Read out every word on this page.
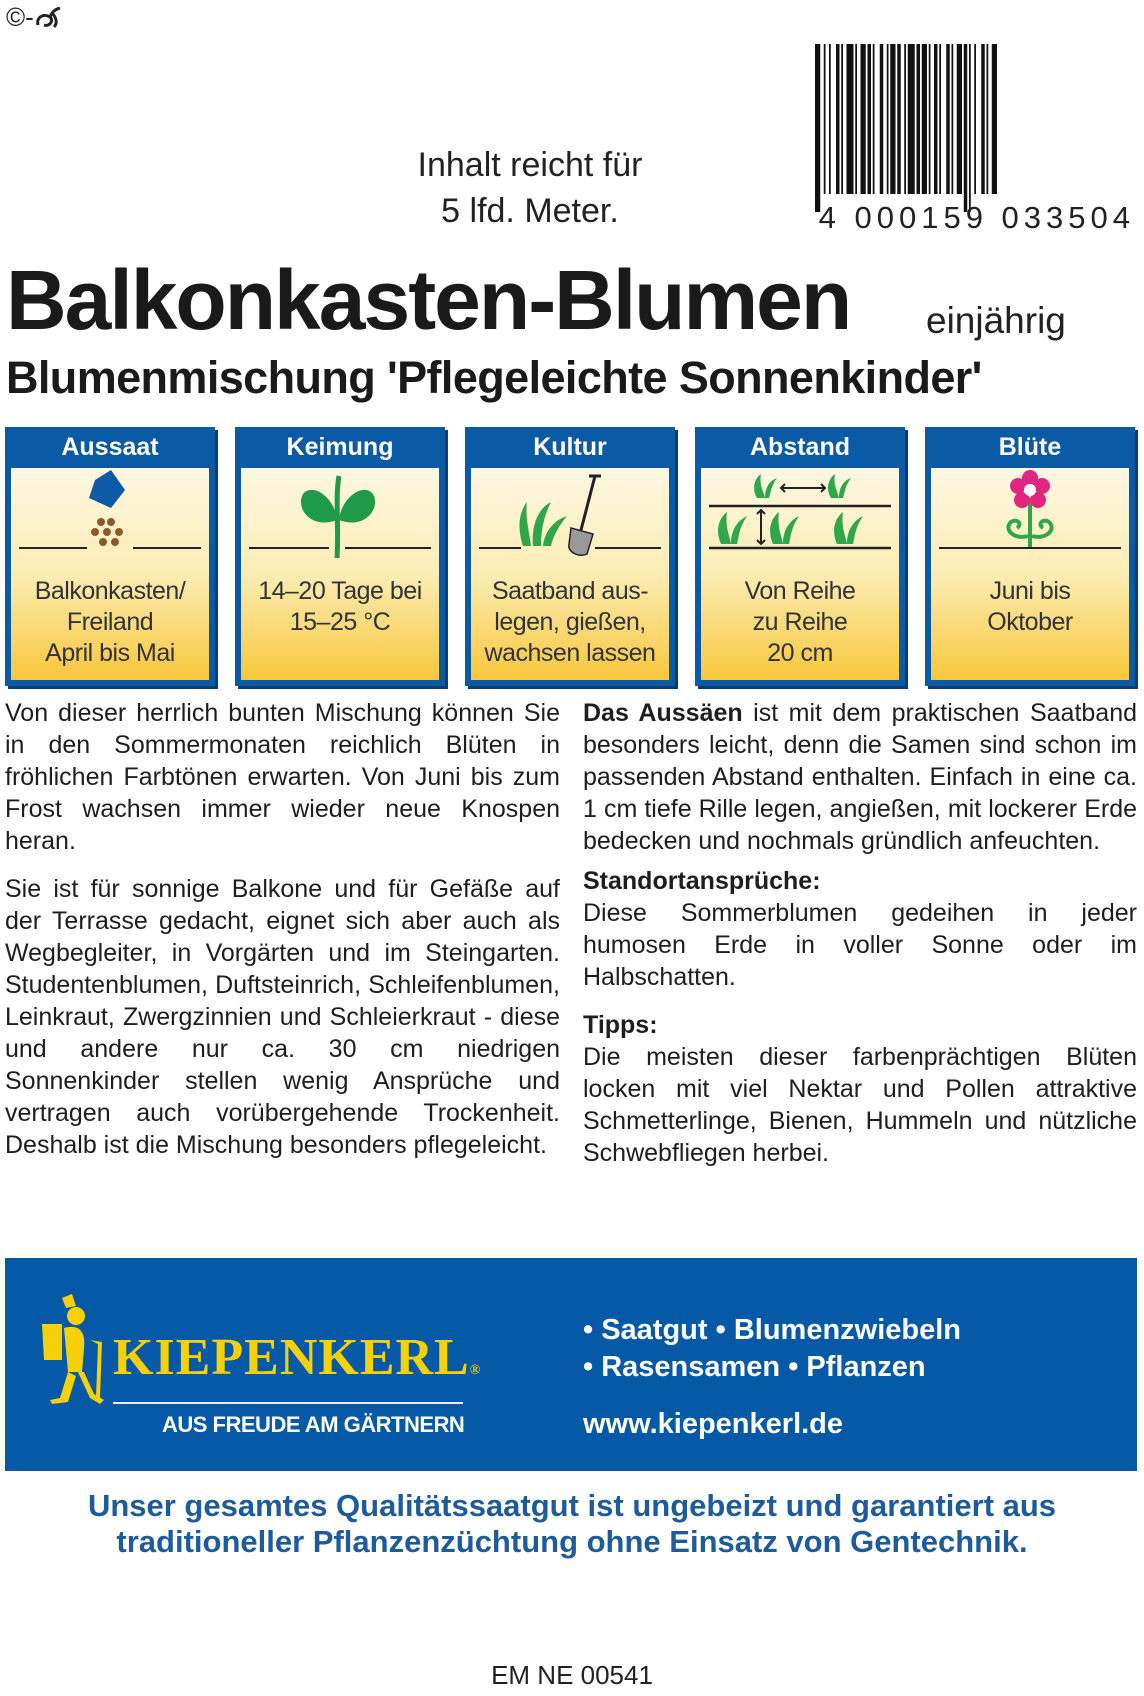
©-
Inhalt reicht für
5 lfd. Meter.	4 000159 033504
Balkonkasten-Blumen einjährig
Blumenmischung 'Pflegeleichte Sonnenkinder'
Aussaat
Balkonkasten/
Freiland
April bis Mai
Keimung
14–20 Tage bei
15–25 °C
Kultur
Saatband aus-
legen, gießen,
wachsen lassen
Abstand
Von Reihe
zu Reihe
20 cm
Blüte
Juni bis
Oktober

Von dieser herrlich bunten Mischung können Sie in den Sommermonaten reichlich Blüten in fröhlichen Farbtönen erwarten. Von Juni bis zum Frost wachsen immer wieder neue Knospen heran.

Sie ist für sonnige Balkone und für Gefäße auf der Terrasse gedacht, eignet sich aber auch als Wegbegleiter, in Vorgärten und im Steingarten. Studentenblumen, Duftsteinrich, Schleifenblumen, Leinkraut, Zwergzinnien und Schleierkraut - diese und andere nur ca. 30 cm niedrigen Sonnenkinder stellen wenig Ansprüche und vertragen auch vorübergehende Trockenheit. Deshalb ist die Mischung besonders pflegeleicht.

Das Aussäen ist mit dem praktischen Saatband besonders leicht, denn die Samen sind schon im passenden Abstand enthalten. Einfach in eine ca. 1 cm tiefe Rille legen, angießen, mit lockerer Erde bedecken und nochmals gründlich anfeuchten.

Standortansprüche:

Diese Sommerblumen gedeihen in jeder humosen Erde in voller Sonne oder im Halbschatten.

Tipps:

Die meisten dieser farbenprächtigen Blüten locken mit viel Nektar und Pollen attraktive Schmetterlinge, Bienen, Hummeln und nützliche Schwebfliegen herbei.

KIEPENKERL®
AUS FREUDE AM GÄRTNERN
• Saatgut • Blumenzwiebeln
• Rasensamen • Pflanzen
www.kiepenkerl.de
Unser gesamtes Qualitätssaatgut ist ungebeizt und garantiert aus
traditioneller Pflanzenzüchtung ohne Einsatz von Gentechnik.
EM NE 00541
